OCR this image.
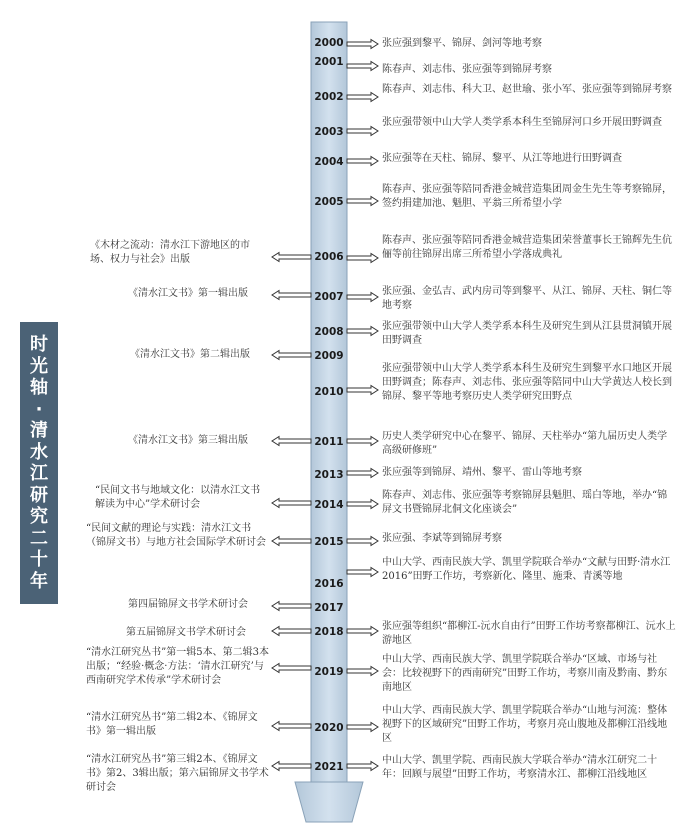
2000
2001
2002
2003
2004
2005
2006
2007
2008
2009
2010
2011
2013
2014
2015
2016
2017
2018
2019
2020
2021
时光轴·清水江研究二十年

张应强到黎平、锦屏、剑河等地考察

陈春声、刘志伟、张应强等到锦屏考察

陈春声、刘志伟、科大卫、赵世瑜、张小军、张应强等到锦屏考察

张应强带领中山大学人类学系本科生至锦屏河口乡开展田野调查

张应强等在天柱、锦屏、黎平、从江等地进行田野调查

陈春声、张应强等陪同香港金城营造集团周金生先生等考察锦屏，签约捐建加池、魁胆、平翁三所希望小学

陈春声、张应强等陪同香港金城营造集团荣誉董事长王锦辉先生伉俪等前往锦屏出席三所希望小学落成典礼

张应强、金弘吉、武内房司等到黎平、从江、锦屏、天柱、铜仁等地考察

张应强带领中山大学人类学系本科生及研究生到从江县贯洞镇开展田野调查

张应强带领中山大学人类学系本科生及研究生到黎平水口地区开展田野调查；陈春声、刘志伟、张应强等陪同中山大学黄达人校长到锦屏、黎平等地考察历史人类学研究田野点

历史人类学研究中心在黎平、锦屏、天柱举办“第九届历史人类学高级研修班”

张应强等到锦屏、靖州、黎平、雷山等地考察

陈春声、刘志伟、张应强等考察锦屏县魁胆、瑶白等地，举办“锦屏文书暨锦屏北侗文化座谈会”

张应强、李斌等到锦屏考察

中山大学、西南民族大学、凯里学院联合举办“文献与田野·清水江2016”田野工作坊，考察新化、隆里、施秉、青溪等地

张应强等组织“都柳江-沅水自由行”田野工作坊考察都柳江、沅水上游地区

中山大学、西南民族大学、凯里学院联合举办“区域、市场与社会：比较视野下的西南研究”田野工作坊，考察川南及黔南、黔东南地区

中山大学、西南民族大学、凯里学院联合举办“山地与河流：整体视野下的区域研究”田野工作坊，考察月亮山腹地及都柳江沿线地区

中山大学、凯里学院、西南民族大学联合举办“清水江研究二十年：回顾与展望”田野工作坊，考察清水江、都柳江沿线地区

《木材之流动：清水江下游地区的市场、权力与社会》出版

《清水江文书》第一辑出版

《清水江文书》第二辑出版

《清水江文书》第三辑出版

“民间文书与地域文化：以清水江文书解读为中心”学术研讨会

“民间文献的理论与实践：清水江文书（锦屏文书）与地方社会国际学术研讨会

第四届锦屏文书学术研讨会

第五届锦屏文书学术研讨会

“清水江研究丛书”第一辑5本、第二辑3本出版；“经验·概念·方法：‘清水江研究’与西南研究学术传承”学术研讨会

“清水江研究丛书”第二辑2本、《锦屏文书》第一辑出版

“清水江研究丛书”第三辑2本、《锦屏文书》第2、3辑出版；第六届锦屏文书学术研讨会
